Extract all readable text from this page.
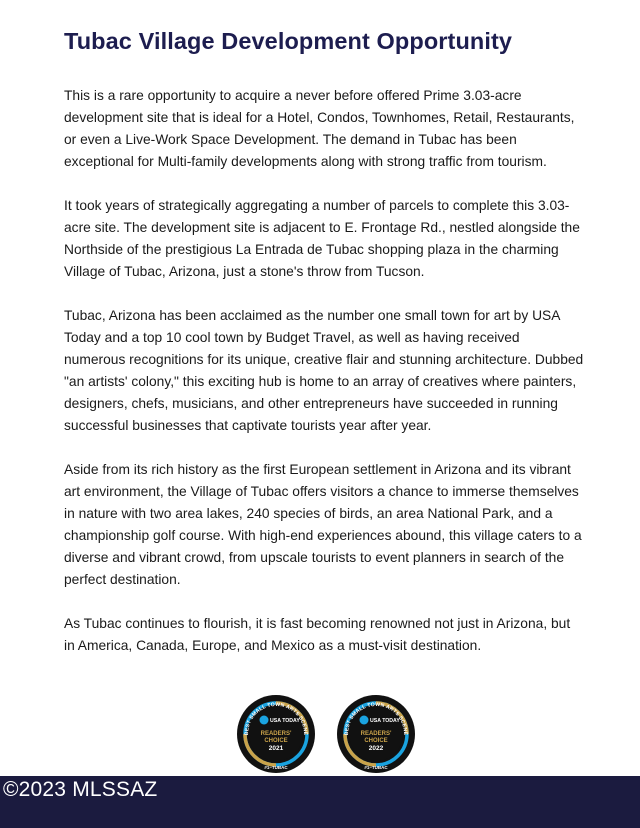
Tubac Village Development Opportunity

This is a rare opportunity to acquire a never before offered Prime 3.03-acre development site that is ideal for a Hotel, Condos, Townhomes, Retail, Restaurants, or even a Live-Work Space Development. The demand in Tubac has been exceptional for Multi-family developments along with strong traffic from tourism.

It took years of strategically aggregating a number of parcels to complete this 3.03-acre site. The development site is adjacent to E. Frontage Rd., nestled alongside the Northside of the prestigious La Entrada de Tubac shopping plaza in the charming Village of Tubac, Arizona, just a stone's throw from Tucson.

Tubac, Arizona has been acclaimed as the number one small town for art by USA Today and a top 10 cool town by Budget Travel, as well as having received numerous recognitions for its unique, creative flair and stunning architecture. Dubbed "an artists' colony," this exciting hub is home to an array of creatives where painters, designers, chefs, musicians, and other entrepreneurs have succeeded in running successful businesses that captivate tourists year after year.

Aside from its rich history as the first European settlement in Arizona and its vibrant art environment, the Village of Tubac offers visitors a chance to immerse themselves in nature with two area lakes, 240 species of birds, an area National Park, and a championship golf course. With high-end experiences abound, this village caters to a diverse and vibrant crowd, from upscale tourists to event planners in search of the perfect destination.

As Tubac continues to flourish, it is fast becoming renowned not just in Arizona, but in America, Canada, Europe, and Mexico as a must-visit destination.

BEST SMALL TOWN ARTS SCENE
USA TODAY
READERS'
CHOICE
2021
#1–TUBAC
BEST SMALL TOWN ARTS SCENE
USA TODAY
READERS'
CHOICE
2022
#1–TUBAC

©2023 MLSSAZ
